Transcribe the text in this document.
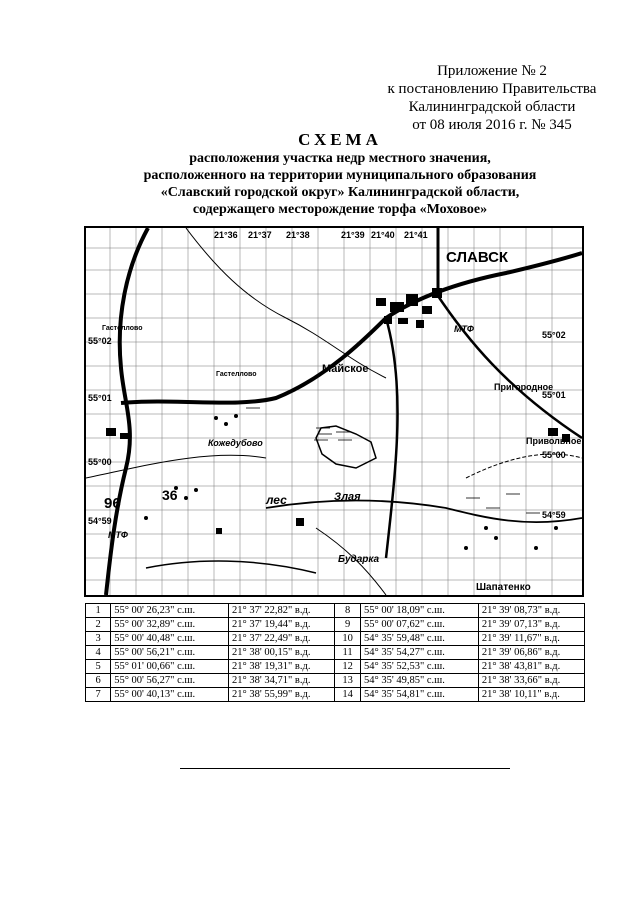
Приложение № 2
к постановлению Правительства
Калининградской области
от 08 июля 2016 г. № 345
СХЕМА
расположения участка недр местного значения,
расположенного на территории муниципального образования
«Славский городской округ» Калининградской области,
содержащего месторождение торфа «Моховое»
21°36 21°37 21°38	21°39 21°40 21°41
55°02
55°01
55°00
54°59
55°02
55°01
55°00
54°59
СЛАВСК
Майское
Гастеллово
Гастеллово
Кожедубово
Бударка
Шапатенко
Пригородное
Привольное
МТФ
МТФ
Злая
лес
96	36
1	55° 00' 26,23" с.ш.	21° 37' 22,82" в.д.	8	55° 00' 18,09" с.ш.	21° 39' 08,73" в.д.
2	55° 00' 32,89" с.ш.	21° 37' 19,44" в.д.	9	55° 00' 07,62" с.ш.	21° 39' 07,13" в.д.
3	55° 00' 40,48" с.ш.	21° 37' 22,49" в.д.	10	54° 35' 59,48" с.ш.	21° 39' 11,67" в.д.
4	55° 00' 56,21" с.ш.	21° 38' 00,15" в.д.	11	54° 35' 54,27" с.ш.	21° 39' 06,86" в.д.
5	55° 01' 00,66" с.ш.	21° 38' 19,31" в.д.	12	54° 35' 52,53" с.ш.	21° 38' 43,81" в.д.
6	55° 00' 56,27" с.ш.	21° 38' 34,71" в.д.	13	54° 35' 49,85" с.ш.	21° 38' 33,66" в.д.
7	55° 00' 40,13" с.ш.	21° 38' 55,99" в.д.	14	54° 35' 54,81" с.ш.	21° 38' 10,11" в.д.
